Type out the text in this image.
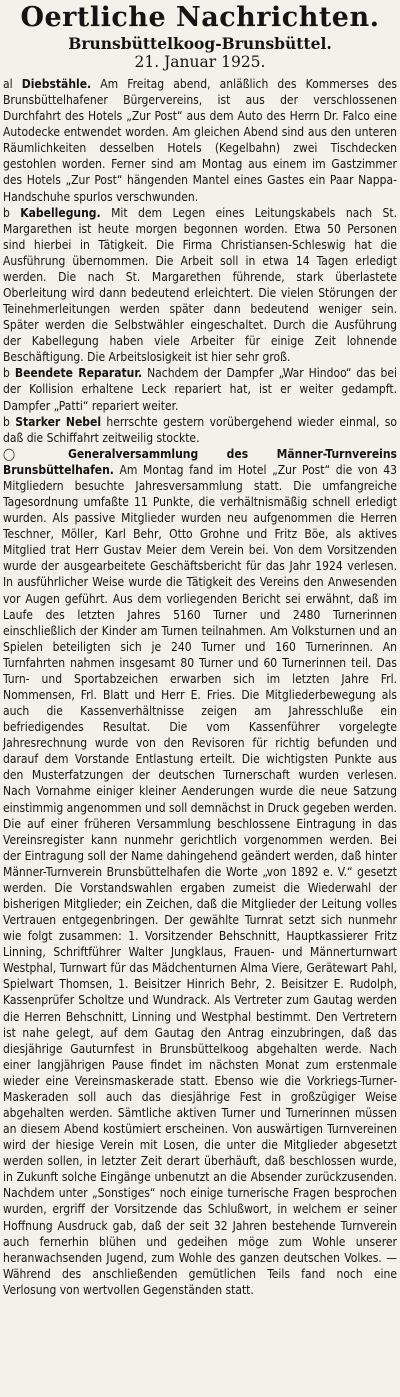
Oertliche Nachrichten.
Brunsbüttelkoog-Brunsbüttel.
21. Januar 1925.

al Diebstähle. Am Freitag abend, anläßlich des Kommerses des Brunsbüttelhafener Bürgervereins, ist aus der verschlossenen Durchfahrt des Hotels „Zur Post“ aus dem Auto des Herrn Dr. Falco eine Autodecke entwendet worden. Am gleichen Abend sind aus den unteren Räumlichkeiten desselben Hotels (Kegelbahn) zwei Tischdecken gestohlen worden. Ferner sind am Montag aus einem im Gastzimmer des Hotels „Zur Post“ hängenden Mantel eines Gastes ein Paar Nappa-Handschuhe spurlos verschwunden.

b Kabellegung. Mit dem Legen eines Leitungskabels nach St. Margarethen ist heute morgen begonnen worden. Etwa 50 Personen sind hierbei in Tätigkeit. Die Firma Christiansen-Schleswig hat die Ausführung übernommen. Die Arbeit soll in etwa 14 Tagen erledigt werden. Die nach St. Margarethen führende, stark überlastete Oberleitung wird dann bedeutend erleichtert. Die vielen Störungen der Teinehmerleitungen werden später dann bedeutend weniger sein. Später werden die Selbstwähler eingeschaltet. Durch die Ausführung der Kabellegung haben viele Arbeiter für einige Zeit lohnende Beschäftigung. Die Arbeitslosigkeit ist hier sehr groß.

b Beendete Reparatur. Nachdem der Dampfer „War Hindoo“ das bei der Kollision erhaltene Leck repariert hat, ist er weiter gedampft. Dampfer „Patti“ repariert weiter.

b Starker Nebel herrschte gestern vorübergehend wieder einmal, so daß die Schiffahrt zeitweilig stockte.

◯ Generalversammlung des Männer-Turnvereins Brunsbüttelhafen. Am Montag fand im Hotel „Zur Post“ die von 43 Mitgliedern besuchte Jahresversammlung statt. Die umfangreiche Tagesordnung umfaßte 11 Punkte, die verhältnismäßig schnell erledigt wurden. Als passive Mitglieder wurden neu aufgenommen die Herren Teschner, Möller, Karl Behr, Otto Grohne und Fritz Böe, als aktives Mitglied trat Herr Gustav Meier dem Verein bei. Von dem Vorsitzenden wurde der ausgearbeitete Geschäftsbericht für das Jahr 1924 verlesen. In ausführlicher Weise wurde die Tätigkeit des Vereins den Anwesenden vor Augen geführt. Aus dem vorliegenden Bericht sei erwähnt, daß im Laufe des letzten Jahres 5160 Turner und 2480 Turnerinnen einschließlich der Kinder am Turnen teilnahmen. Am Volksturnen und an Spielen beteiligten sich je 240 Turner und 160 Turnerinnen. An Turnfahrten nahmen insgesamt 80 Turner und 60 Turnerinnen teil. Das Turn- und Sportabzeichen erwarben sich im letzten Jahre Frl. Nommensen, Frl. Blatt und Herr E. Fries. Die Mitgliederbewegung als auch die Kassenverhältnisse zeigen am Jahresschluße ein befriedigendes Resultat. Die vom Kassenführer vorgelegte Jahresrechnung wurde von den Revisoren für richtig befunden und darauf dem Vorstande Entlastung erteilt. Die wichtigsten Punkte aus den Musterfatzungen der deutschen Turnerschaft wurden verlesen. Nach Vornahme einiger kleiner Aenderungen wurde die neue Satzung einstimmig angenommen und soll demnächst in Druck gegeben werden. Die auf einer früheren Versammlung beschlossene Eintragung in das Vereinsregister kann nunmehr gerichtlich vorgenommen werden. Bei der Eintragung soll der Name dahingehend geändert werden, daß hinter Männer-Turnverein Brunsbüttelhafen die Worte „von 1892 e. V.“ gesetzt werden. Die Vorstandswahlen ergaben zumeist die Wiederwahl der bisherigen Mitglieder; ein Zeichen, daß die Mitglieder der Leitung volles Vertrauen entgegenbringen. Der gewählte Turnrat setzt sich nunmehr wie folgt zusammen: 1. Vorsitzender Behschnitt, Hauptkassierer Fritz Linning, Schriftführer Walter Jungklaus, Frauen- und Männerturnwart Westphal, Turnwart für das Mädchenturnen Alma Viere, Gerätewart Pahl, Spielwart Thomsen, 1. Beisitzer Hinrich Behr, 2. Beisitzer E. Rudolph, Kassenprüfer Scholtze und Wundrack. Als Vertreter zum Gautag werden die Herren Behschnitt, Linning und Westphal bestimmt. Den Vertretern ist nahe gelegt, auf dem Gautag den Antrag einzubringen, daß das diesjährige Gauturnfest in Brunsbüttelkoog abgehalten werde. Nach einer langjährigen Pause findet im nächsten Monat zum erstenmale wieder eine Vereinsmaskerade statt. Ebenso wie die Vorkriegs-Turner-Maskeraden soll auch das diesjährige Fest in großzügiger Weise abgehalten werden. Sämtliche aktiven Turner und Turnerinnen müssen an diesem Abend kostümiert erscheinen. Von auswärtigen Turnvereinen wird der hiesige Verein mit Losen, die unter die Mitglieder abgesetzt werden sollen, in letzter Zeit derart überhäuft, daß beschlossen wurde, in Zukunft solche Eingänge unbenutzt an die Absender zurückzusenden. Nachdem unter „Sonstiges“ noch einige turnerische Fragen besprochen wurden, ergriff der Vorsitzende das Schlußwort, in welchem er seiner Hoffnung Ausdruck gab, daß der seit 32 Jahren bestehende Turnverein auch fernerhin blühen und gedeihen möge zum Wohle unserer heranwachsenden Jugend, zum Wohle des ganzen deutschen Volkes. — Während des anschließenden gemütlichen Teils fand noch eine Verlosung von wertvollen Gegenständen statt.
